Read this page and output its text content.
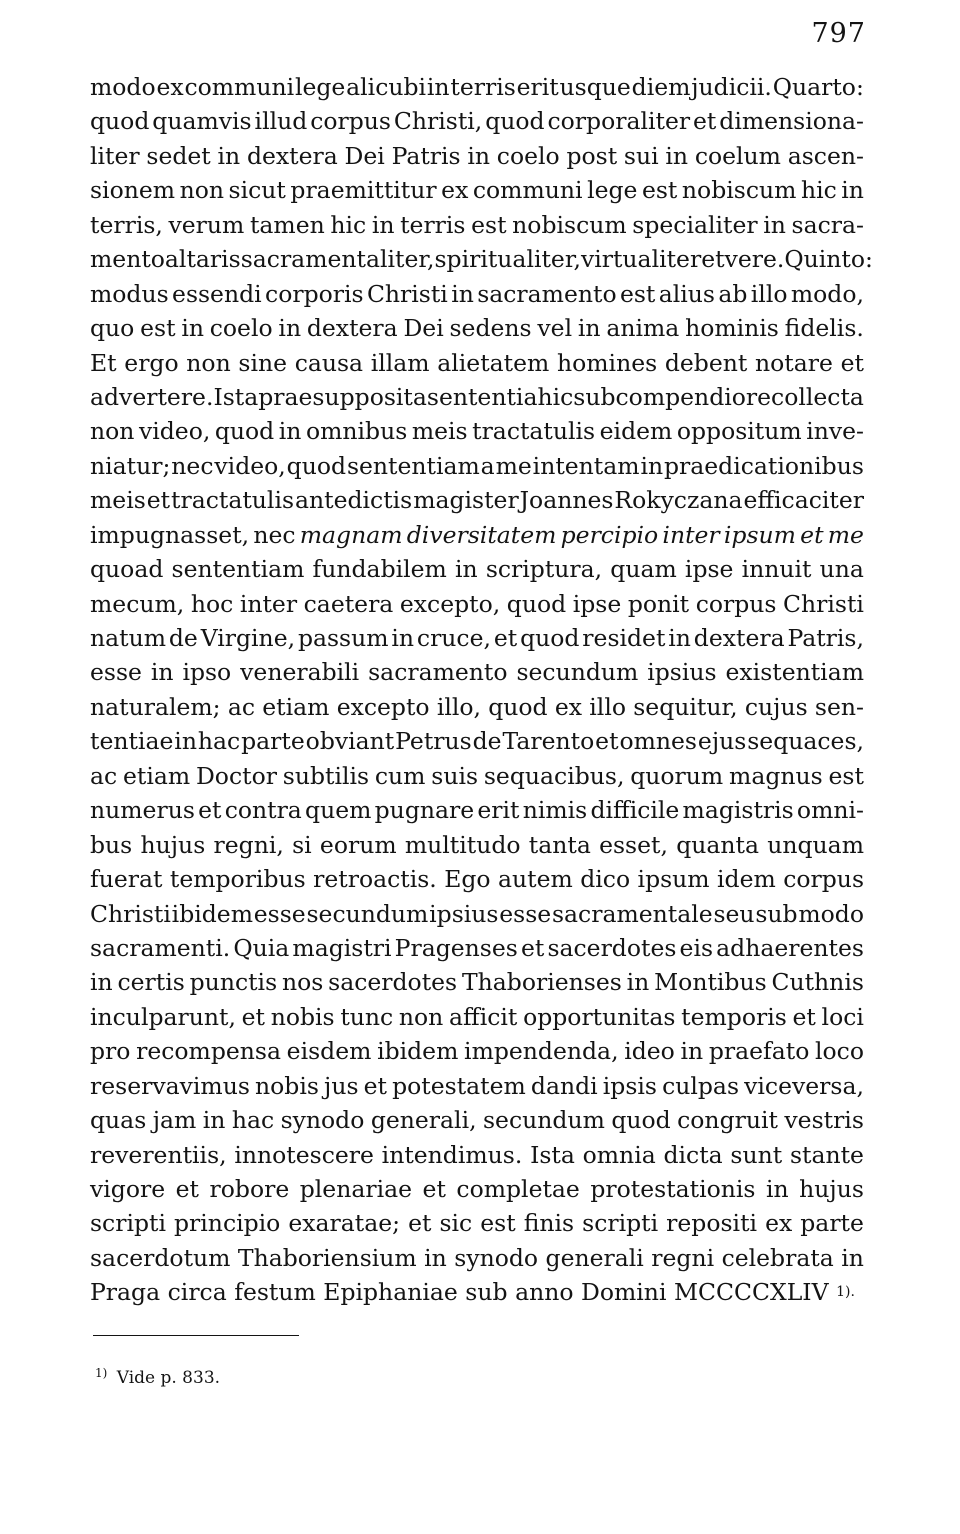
797
modo ex communi lege alicubi in terris erit usque diem judicii. Quarto:
quod quamvis illud corpus Christi, quod corporaliter et dimensiona-
liter sedet in dextera Dei Patris in coelo post sui in coelum ascen-
sionem non sicut praemittitur ex communi lege est nobiscum hic in
terris, verum tamen hic in terris est nobiscum specialiter in sacra-
mento altaris sacramentaliter, spiritualiter, virtualiter et vere. Quinto:
modus essendi corporis Christi in sacramento est alius ab illo modo,
quo est in coelo in dextera Dei sedens vel in anima hominis fidelis.
Et ergo non sine causa illam alietatem homines debent notare et
advertere. Ista praesupposita sententia hic sub compendio recollecta
non video, quod in omnibus meis tractatulis eidem oppositum inve-
niatur; nec video, quod sententiam a me intentam in praedicationibus
meis et tractatulis antedictis magister Joannes Rokyczana efficaciter
impugnasset, nec magnam diversitatem percipio inter ipsum et me
quoad sententiam fundabilem in scriptura, quam ipse innuit una
mecum, hoc inter caetera excepto, quod ipse ponit corpus Christi
natum de Virgine, passum in cruce, et quod residet in dextera Patris,
esse in ipso venerabili sacramento secundum ipsius existentiam
naturalem; ac etiam excepto illo, quod ex illo sequitur, cujus sen-
tentiae in hac parte obviant Petrus de Tarento et omnes ejus sequaces,
ac etiam Doctor subtilis cum suis sequacibus, quorum magnus est
numerus et contra quem pugnare erit nimis difficile magistris omni-
bus hujus regni, si eorum multitudo tanta esset, quanta unquam
fuerat temporibus retroactis. Ego autem dico ipsum idem corpus
Christi ibidem esse secundum ipsius esse sacramentale seu sub modo
sacramenti. Quia magistri Pragenses et sacerdotes eis adhaerentes
in certis punctis nos sacerdotes Thaborienses in Montibus Cuthnis
inculparunt, et nobis tunc non afficit opportunitas temporis et loci
pro recompensa eisdem ibidem impendenda, ideo in praefato loco
reservavimus nobis jus et potestatem dandi ipsis culpas viceversa,
quas jam in hac synodo generali, secundum quod congruit vestris
reverentiis, innotescere intendimus. Ista omnia dicta sunt stante
vigore et robore plenariae et completae protestationis in hujus
scripti principio exaratae; et sic est finis scripti repositi ex parte
sacerdotum Thaboriensium in synodo generali regni celebrata in
Praga circa festum Epiphaniae sub anno Domini MCCCCXLIV 1).
$^{1)}$ Vide p. 833.
